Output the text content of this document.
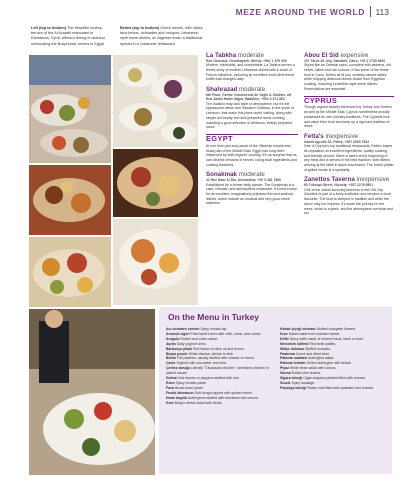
MEZE AROUND THE WORLD 113
Left (top to bottom) The beautiful rooftop terrace of the Al-Kuwaiti restaurant in Damascus, Syria; alfresco dining in Istanbul, overlooking the Bosphorus; mezes in Egypt
Below (top to bottom) Greek mezes, with olives, fava beans, dolmades and octopus; Lebanese-style meze dishes; an Algerian feast; a traditional spread in a Lebanese restaurant
La Tabkha moderate
Rue Gouraud, Gemmayzeh, Beirut; +961 1 579 000
Modern, minimalist, and comfortable, La Tabkha serves a terrific array of modern Lebanese dishes with a touch of French influence, including an excellent lunch-time meze buffet that changes daily.
Shahrazad moderate
6th Floor, Centre Commercial de Yoghi & Simbirs, off Rue Abdul Halim Najjar, Baakline; +961 5 371 884
The location may lack style or atmosphere, but it's the spectacular views over Beaufort Chateau, in the south of Lebanon, that make this place worth visiting, along with simple but hearty and well-prepared home cooking, including a good selection of delicious, freshly prepared meze.
EGYPT
At one time part and parcel of the Ottoman empire and today part of the Middle East, Egypt has long been influenced by both regions' cooking. It's no surprise that its own distinct versions of mezes, using local ingredients and cooking traditions.
Sonakmak moderate
42 Rue Nasr Al Din, Alexandria; +20 3 481 1560
Established by a former belly dancer, The Sonakmak is a calm, intimate, and atmospheric restaurant. It's best known for its excellent, imaginatively prepared fish and seafood dishes, which include an unusual and very good meze selection.
Abou El Sid expensive
157 Tarek 26 July, Zamalek, Cairo; +20 2 2735 9640
Styled like an Oriental salon, complete with lanterns, old velvet, kilims and rich colours, it has some of the finest food in Cairo. Diners sit at low, ornately carved tables while enjoying delicious dishes drawn from Egyptian cooking, including Levantine-style meze dishes. Reservations are essential.
CYPRUS
Though argued heavily influenced by Turkey and Greece as well as the Middle East, Cyprus nonetheless proudly possesses its own culinary traditions. The Cypriots love and value their food and keep up a vigorous tradition of meze.
Fetta's inexpensive
Ioanni Agrotis 33, Pafos; +357 2693 7822
One of Cyprus's top traditional restaurants, Fetta's bases its reputation on excellent ingredients, quality cooking, and friendly service. Meze is taken at the beginning of any meal and is served in the best tradition, with dishes arriving at the table in quick succession. The mixed platter of grilled meats is a speciality.
Zanettos Taverna inexpensive
65 Trikoupi Street, Nicosia; +357 2276 5501
One of the oldest surviving tavernas in the Old City, Zanettos is part of a lively institution and remains a local favourite. The food is steeped in tradition and while the decor may not impress, it's worth the journey for the meze, which is superb, and the atmosphere convivial and fun.
On the Menu in Turkey
Acı domates ezmesi Spicy tomato dip.
Arnavut ciğeri Fried lamb's liver with chilli, onion, and cumin.
Arugula Rocket and onion salad.
Ayran Salty yoghurt drink.
Barbunya pilaki Red beans in olive oil and lemon.
Beyaz peynir White cheese, similar to feta.
Börek Filo pastries, usually stuffed with cheese or mince.
Cacık Yoghurt with cucumber and mint.
Çerkez tavuğu Literally "Circassian chicken": shredded chicken in walnut sauce.
Dolma Vine leaves or peppers stuffed with rice.
Ezme Spicy tomato paste.
Fava Broad bean purée.
Fındık lahmacun Soft dough topped with spiced mince.
İmam bayıldı Aubergines stuffed with tomatoes and onions.
Kısır Bulgur wheat salad with herbs.
Kabak çiçeği dolması Stuffed courgette flowers.
Kısır Salad made from cracked wheat.
Köfte Spicy balls made of minced meat, lamb or beef.
Mercimek köftesi Red lentil patties.
Midye dolması Stuffed mussels.
Pastırma Cured and dried beef.
Patlıcan salatası Aubergine salad.
Patlıcan kebabı Grilled aubergine with kebab.
Piyaz White bean salad with onions.
Sarma Rolled vine leaves.
Sigara böreği Cigar-shaped pastries filled with cheese.
Sucuk Spicy sausage.
Paçanga böreği Pastry rolls filled with pastrami and cheese.
